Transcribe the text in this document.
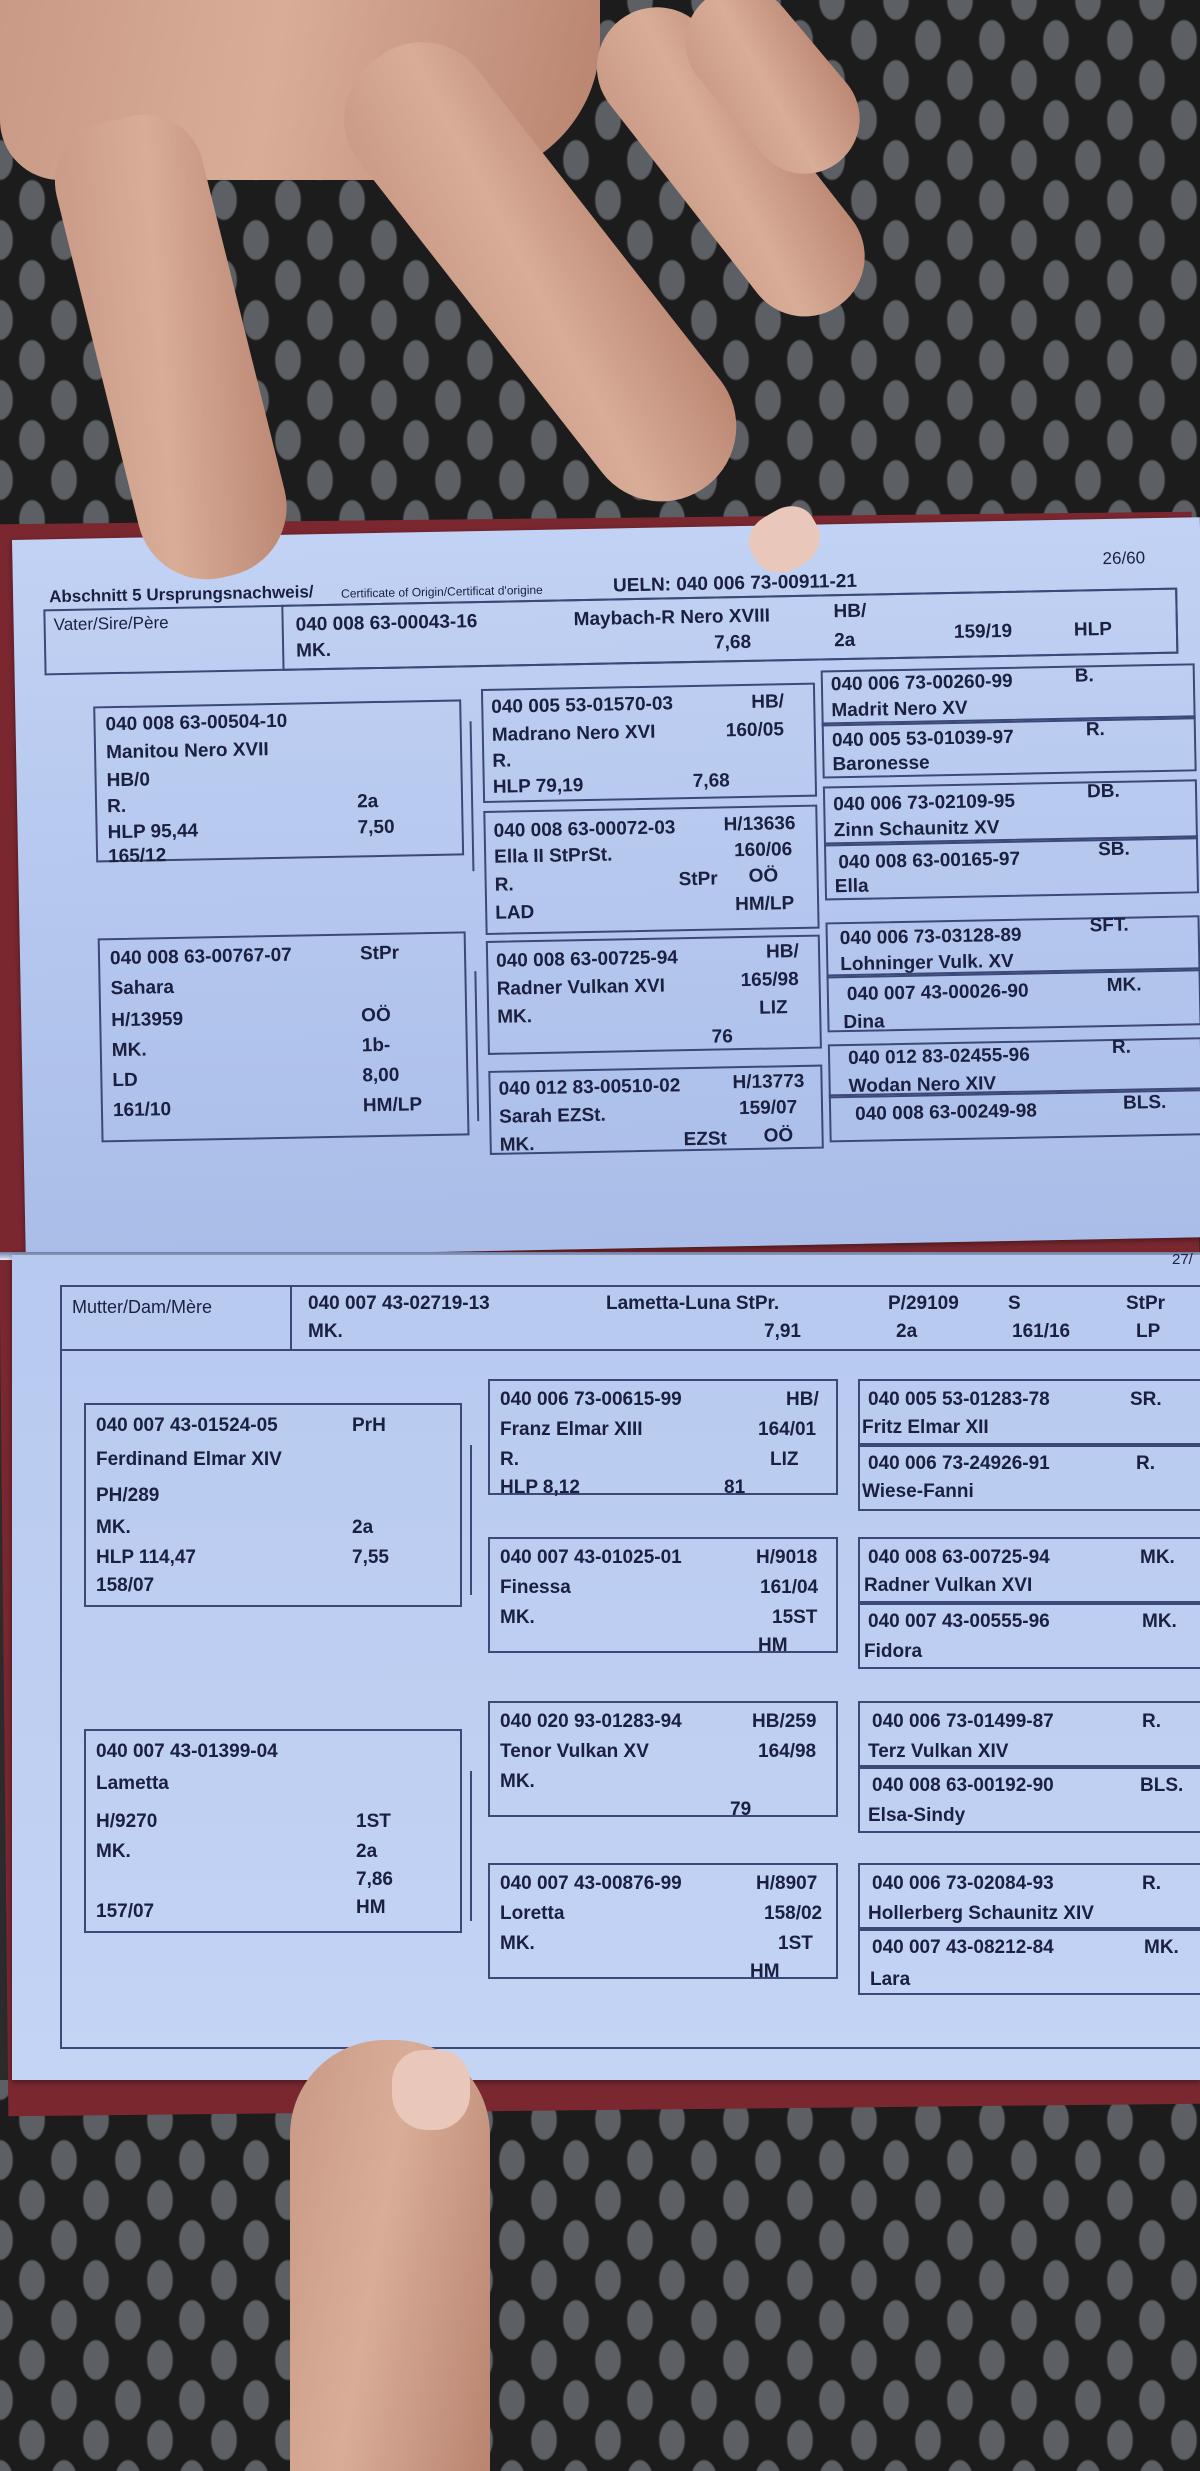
Abschnitt 5 Ursprungsnachweis/ Certificate of Origin/Certificat d'origine	UELN: 040 006 73-00911-21
26/60
Vater/Sire/Père	040 008 63-00043-16	Maybach-R Nero XVIII	HB/
MK.	7,68	2a	159/19	HLP
040 008 63-00504-10
Manitou Nero XVII
HB/0
R.	2a
HLP 95,44	7,50
165/12
040 005 53-01570-03	HB/
Madrano Nero XVI	160/05
R.
HLP 79,19	7,68
040 006 73-00260-99	B.
Madrit Nero XV
040 005 53-01039-97	R.
Baronesse
040 008 63-00072-03	H/13636
Ella II StPrSt.	160/06
R.	StPr OÖ
LAD	HM/LP
040 006 73-02109-95	DB.
Zinn Schaunitz XV
040 008 63-00165-97	SB.
Ella
040 008 63-00767-07	StPr
Sahara
H/13959	OÖ
MK.	1b-
LD	8,00
161/10	HM/LP
040 008 63-00725-94	HB/
Radner Vulkan XVI	165/98
MK.	LIZ
76
040 006 73-03128-89	SFT.
Lohninger Vulk. XV
040 007 43-00026-90	MK.
Dina
040 012 83-00510-02	H/13773
Sarah EZSt.	159/07
MK.	EZSt OÖ
040 012 83-02455-96	R.
Wodan Nero XIV
040 008 63-00249-98	BLS.
27/
Mutter/Dam/Mère	040 007 43-02719-13	Lametta-Luna StPr.	P/29109	S	StPr
MK.	7,91	2a	161/16	LP
040 007 43-01524-05	PrH
Ferdinand Elmar XIV
PH/289
MK.	2a
HLP 114,47	7,55
158/07
040 006 73-00615-99	HB/
Franz Elmar XIII	164/01
R.	LIZ
HLP 8,12	81
040 005 53-01283-78	SR.
Fritz Elmar XII
040 006 73-24926-91	R.
Wiese-Fanni
040 007 43-01025-01	H/9018
Finessa	161/04
MK.	15ST
HM
040 008 63-00725-94	MK.
Radner Vulkan XVI
040 007 43-00555-96	MK.
Fidora
040 007 43-01399-04
Lametta
H/9270	1ST
MK.	2a
7,86
157/07	HM
040 020 93-01283-94	HB/259
Tenor Vulkan XV	164/98
MK.
79
040 006 73-01499-87	R.
Terz Vulkan XIV
040 008 63-00192-90	BLS.
Elsa-Sindy
040 007 43-00876-99	H/8907
Loretta	158/02
MK.	1ST
HM
040 006 73-02084-93	R.
Hollerberg Schaunitz XIV
040 007 43-08212-84	MK.
Lara
